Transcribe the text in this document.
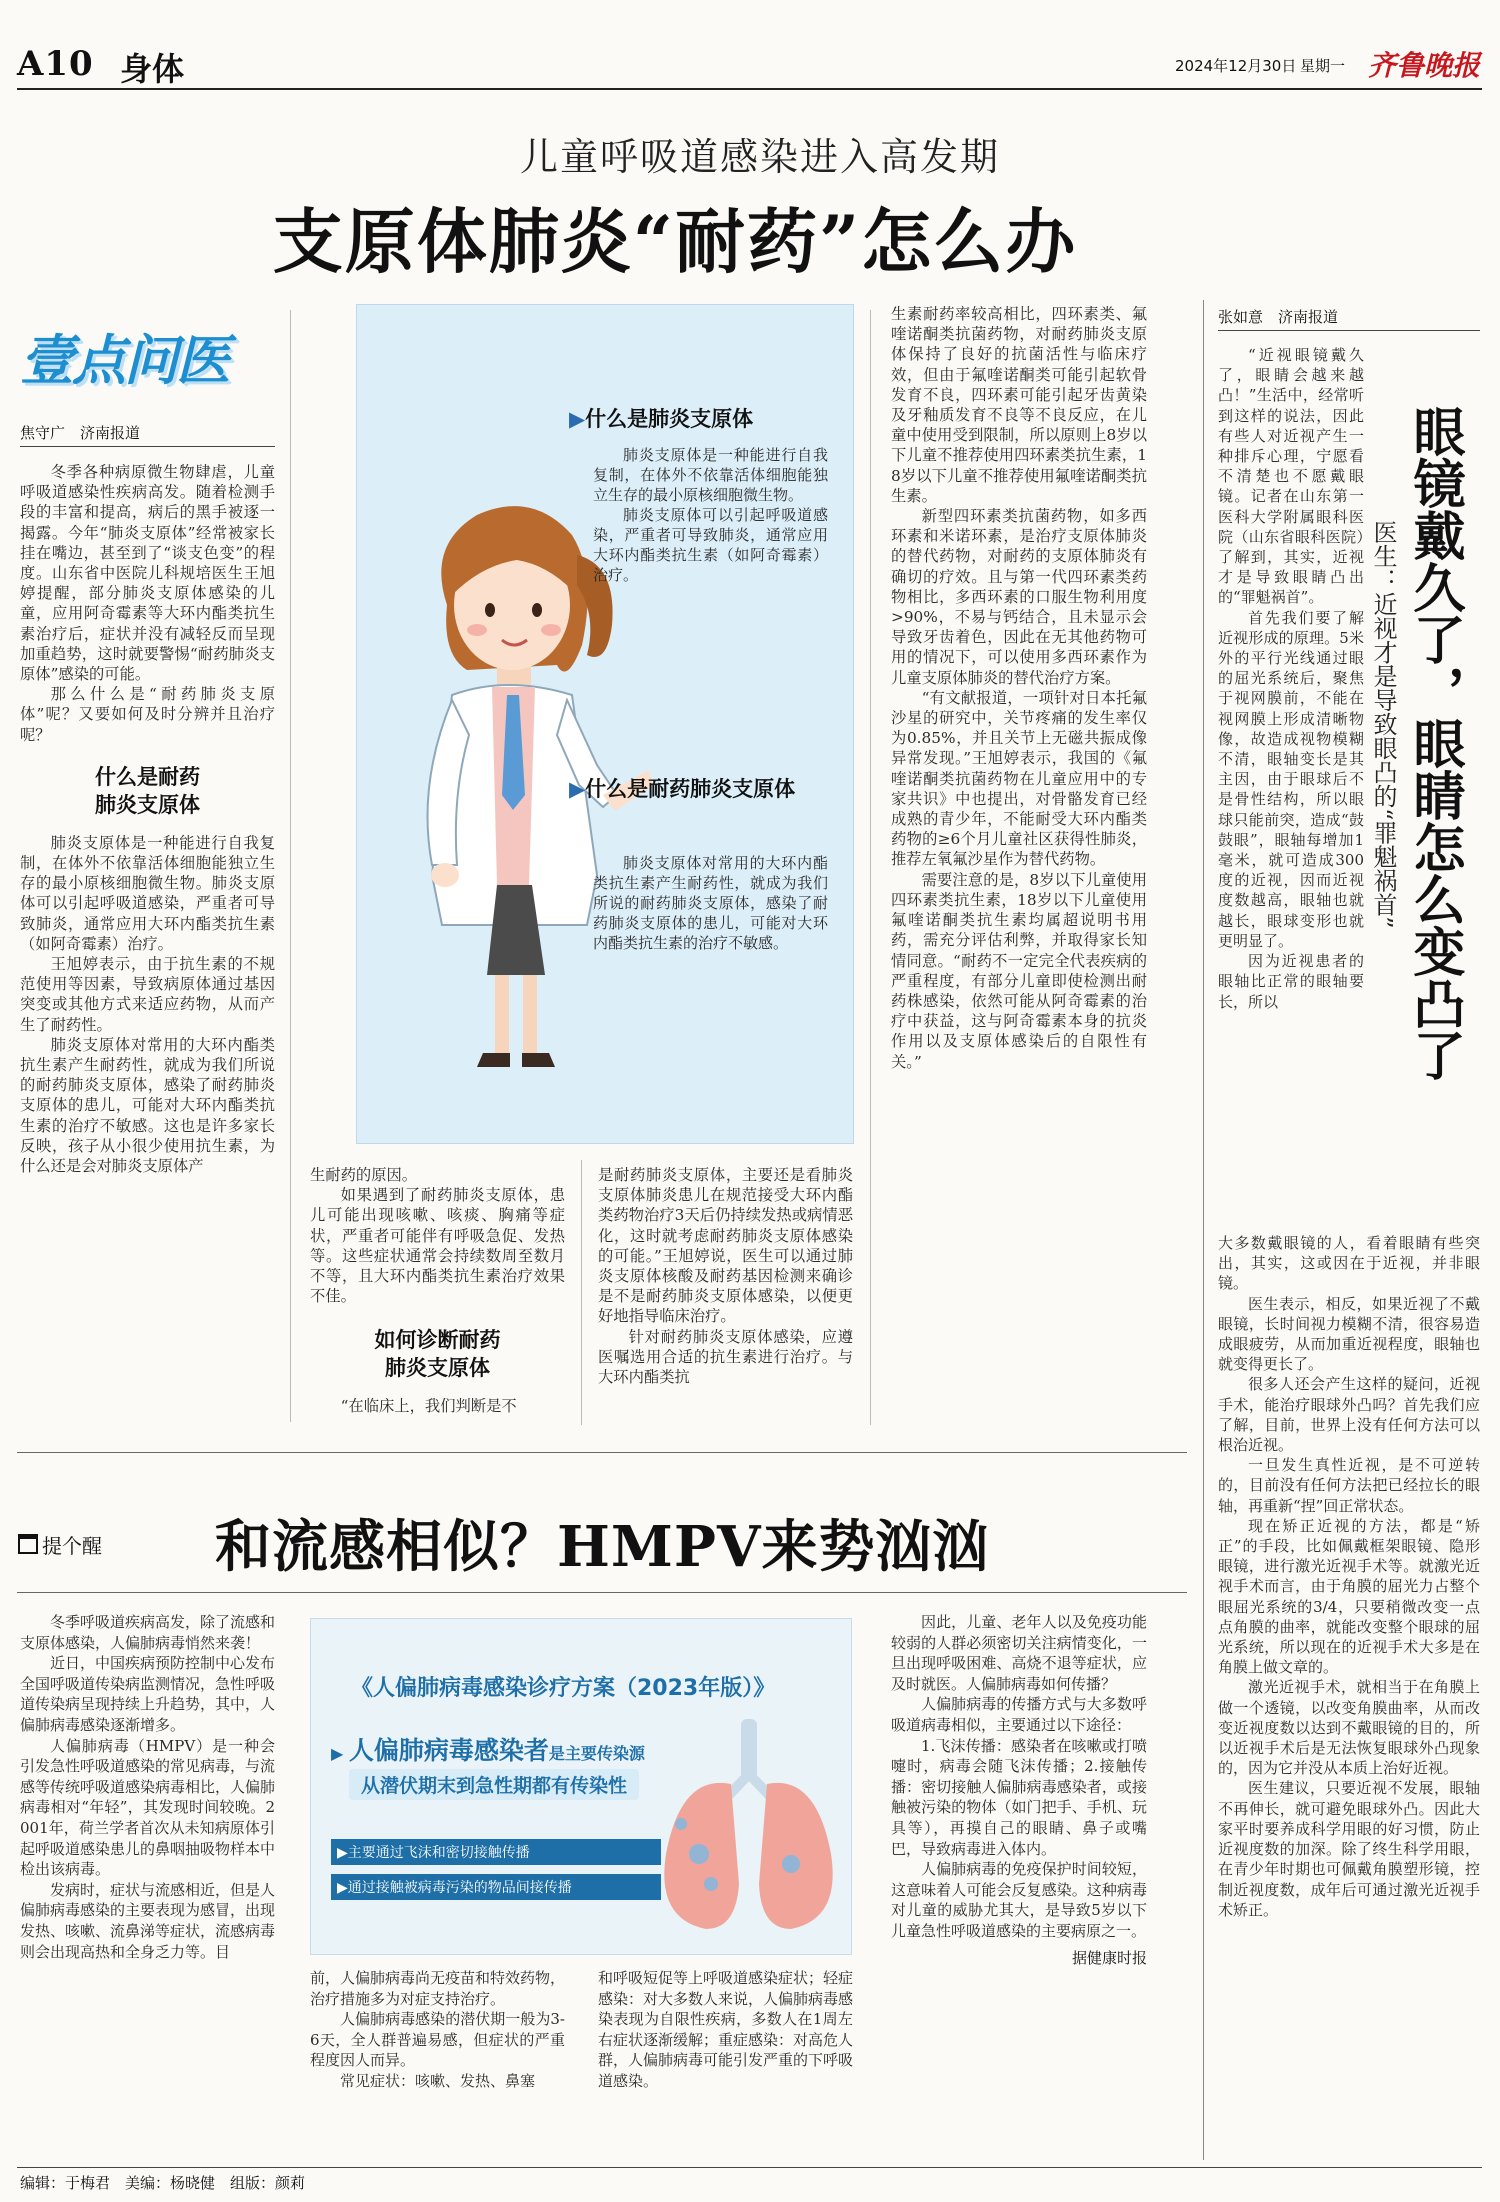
A10 身体	2024年12月30日 星期一 齐鲁晚报
儿童呼吸道感染进入高发期
支原体肺炎“耐药”怎么办
壹点问医
焦守广　济南报道

冬季各种病原微生物肆虐，儿童呼吸道感染性疾病高发。随着检测手段的丰富和提高，病后的黑手被逐一揭露。今年“肺炎支原体”经常被家长挂在嘴边，甚至到了“谈支色变”的程度。山东省中医院儿科规培医生王旭婷提醒，部分肺炎支原体感染的儿童，应用阿奇霉素等大环内酯类抗生素治疗后，症状并没有减轻反而呈现加重趋势，这时就要警惕“耐药肺炎支原体”感染的可能。

那么什么是“耐药肺炎支原体”呢？又要如何及时分辨并且治疗呢？

什么是耐药
肺炎支原体

肺炎支原体是一种能进行自我复制，在体外不依靠活体细胞能独立生存的最小原核细胞微生物。肺炎支原体可以引起呼吸道感染，严重者可导致肺炎，通常应用大环内酯类抗生素（如阿奇霉素）治疗。

王旭婷表示，由于抗生素的不规范使用等因素，导致病原体通过基因突变或其他方式来适应药物，从而产生了耐药性。

肺炎支原体对常用的大环内酯类抗生素产生耐药性，就成为我们所说的耐药肺炎支原体，感染了耐药肺炎支原体的患儿，可能对大环内酯类抗生素的治疗不敏感。这也是许多家长反映，孩子从小很少使用抗生素，为什么还是会对肺炎支原体产

▶什么是肺炎支原体

肺炎支原体是一种能进行自我复制，在体外不依靠活体细胞能独立生存的最小原核细胞微生物。

肺炎支原体可以引起呼吸道感染，严重者可导致肺炎，通常应用大环内酯类抗生素（如阿奇霉素）治疗。

▶什么是耐药肺炎支原体

肺炎支原体对常用的大环内酯类抗生素产生耐药性，就成为我们所说的耐药肺炎支原体，感染了耐药肺炎支原体的患儿，可能对大环内酯类抗生素的治疗不敏感。

生耐药的原因。

如果遇到了耐药肺炎支原体，患儿可能出现咳嗽、咳痰、胸痛等症状，严重者可能伴有呼吸急促、发热等。这些症状通常会持续数周至数月不等，且大环内酯类抗生素治疗效果不佳。

如何诊断耐药
肺炎支原体

“在临床上，我们判断是不

是耐药肺炎支原体，主要还是看肺炎支原体肺炎患儿在规范接受大环内酯类药物治疗3天后仍持续发热或病情恶化，这时就考虑耐药肺炎支原体感染的可能。”王旭婷说，医生可以通过肺炎支原体核酸及耐药基因检测来确诊是不是耐药肺炎支原体感染，以便更好地指导临床治疗。

针对耐药肺炎支原体感染，应遵医嘱选用合适的抗生素进行治疗。与大环内酯类抗

生素耐药率较高相比，四环素类、氟喹诺酮类抗菌药物，对耐药肺炎支原体保持了良好的抗菌活性与临床疗效，但由于氟喹诺酮类可能引起软骨发育不良，四环素可能引起牙齿黄染及牙釉质发育不良等不良反应，在儿童中使用受到限制，所以原则上8岁以下儿童不推荐使用四环素类抗生素，18岁以下儿童不推荐使用氟喹诺酮类抗生素。

新型四环素类抗菌药物，如多西环素和米诺环素，是治疗支原体肺炎的替代药物，对耐药的支原体肺炎有确切的疗效。且与第一代四环素类药物相比，多西环素的口服生物利用度>90%，不易与钙结合，且未显示会导致牙齿着色，因此在无其他药物可用的情况下，可以使用多西环素作为儿童支原体肺炎的替代治疗方案。

“有文献报道，一项针对日本托氟沙星的研究中，关节疼痛的发生率仅为0.85%，并且关节上无磁共振成像异常发现。”王旭婷表示，我国的《氟喹诺酮类抗菌药物在儿童应用中的专家共识》中也提出，对骨骼发育已经成熟的青少年，不能耐受大环内酯类药物的≥6个月儿童社区获得性肺炎，推荐左氧氟沙星作为替代药物。

需要注意的是，8岁以下儿童使用四环素类抗生素，18岁以下儿童使用氟喹诺酮类抗生素均属超说明书用药，需充分评估利弊，并取得家长知情同意。“耐药不一定完全代表疾病的严重程度，有部分儿童即使检测出耐药株感染，依然可能从阿奇霉素的治疗中获益，这与阿奇霉素本身的抗炎作用以及支原体感染后的自限性有关。”

张如意　济南报道

“近视眼镜戴久了，眼睛会越来越凸！”生活中，经常听到这样的说法，因此有些人对近视产生一种排斥心理，宁愿看不清楚也不愿戴眼镜。记者在山东第一医科大学附属眼科医院（山东省眼科医院）了解到，其实，近视才是导致眼睛凸出的“罪魁祸首”。

首先我们要了解近视形成的原理。5米外的平行光线通过眼的屈光系统后，聚焦于视网膜前，不能在视网膜上形成清晰物像，故造成视物模糊不清，眼轴变长是其主因，由于眼球后不是骨性结构，所以眼球只能前突，造成“鼓鼓眼”，眼轴每增加1毫米，就可造成300度的近视，因而近视度数越高，眼轴也就越长，眼球变形也就更明显了。

因为近视患者的眼轴比正常的眼轴要长，所以	眼镜戴久了，眼睛怎么变凸了
医生：近视才是导致眼凸的“罪魁祸首”

大多数戴眼镜的人，看着眼睛有些突出，其实，这或因在于近视，并非眼镜。

医生表示，相反，如果近视了不戴眼镜，长时间视力模糊不清，很容易造成眼疲劳，从而加重近视程度，眼轴也就变得更长了。

很多人还会产生这样的疑问，近视手术，能治疗眼球外凸吗？首先我们应了解，目前，世界上没有任何方法可以根治近视。

一旦发生真性近视，是不可逆转的，目前没有任何方法把已经拉长的眼轴，再重新“捏”回正常状态。

现在矫正近视的方法，都是“矫正”的手段，比如佩戴框架眼镜、隐形眼镜，进行激光近视手术等。就激光近视手术而言，由于角膜的屈光力占整个眼屈光系统的3/4，只要稍微改变一点点角膜的曲率，就能改变整个眼球的屈光系统，所以现在的近视手术大多是在角膜上做文章的。

激光近视手术，就相当于在角膜上做一个透镜，以改变角膜曲率，从而改变近视度数以达到不戴眼镜的目的，所以近视手术后是无法恢复眼球外凸现象的，因为它并没从本质上治好近视。

医生建议，只要近视不发展，眼轴不再伸长，就可避免眼球外凸。因此大家平时要养成科学用眼的好习惯，防止近视度数的加深。除了终生科学用眼，在青少年时期也可佩戴角膜塑形镜，控制近视度数，成年后可通过激光近视手术矫正。

提个醒 和流感相似？HMPV来势汹汹

冬季呼吸道疾病高发，除了流感和支原体感染，人偏肺病毒悄然来袭！

近日，中国疾病预防控制中心发布全国呼吸道传染病监测情况，急性呼吸道传染病呈现持续上升趋势，其中，人偏肺病毒感染逐渐增多。

人偏肺病毒（HMPV）是一种会引发急性呼吸道感染的常见病毒，与流感等传统呼吸道感染病毒相比，人偏肺病毒相对“年轻”，其发现时间较晚。2001年，荷兰学者首次从未知病原体引起呼吸道感染患儿的鼻咽抽吸物样本中检出该病毒。

发病时，症状与流感相近，但是人偏肺病毒感染的主要表现为感冒，出现发热、咳嗽、流鼻涕等症状，流感病毒则会出现高热和全身乏力等。目

《人偏肺病毒感染诊疗方案（2023年版）》
▶ 人偏肺病毒感染者是主要传染源
从潜伏期末到急性期都有传染性
▶主要通过飞沫和密切接触传播
▶通过接触被病毒污染的物品间接传播

前，人偏肺病毒尚无疫苗和特效药物，治疗措施多为对症支持治疗。

人偏肺病毒感染的潜伏期一般为3-6天，全人群普遍易感，但症状的严重程度因人而异。

常见症状：咳嗽、发热、鼻塞

和呼吸短促等上呼吸道感染症状；轻症感染：对大多数人来说，人偏肺病毒感染表现为自限性疾病，多数人在1周左右症状逐渐缓解；重症感染：对高危人群，人偏肺病毒可能引发严重的下呼吸道感染。

因此，儿童、老年人以及免疫功能较弱的人群必须密切关注病情变化，一旦出现呼吸困难、高烧不退等症状，应及时就医。人偏肺病毒如何传播？

人偏肺病毒的传播方式与大多数呼吸道病毒相似，主要通过以下途径：

1.飞沫传播：感染者在咳嗽或打喷嚏时，病毒会随飞沫传播；2.接触传播：密切接触人偏肺病毒感染者，或接触被污染的物体（如门把手、手机、玩具等），再摸自己的眼睛、鼻子或嘴巴，导致病毒进入体内。

人偏肺病毒的免疫保护时间较短，这意味着人可能会反复感染。这种病毒对儿童的威胁尤其大，是导致5岁以下儿童急性呼吸道感染的主要病原之一。

据健康时报
编辑：于梅君　美编：杨晓健　组版：颜莉
